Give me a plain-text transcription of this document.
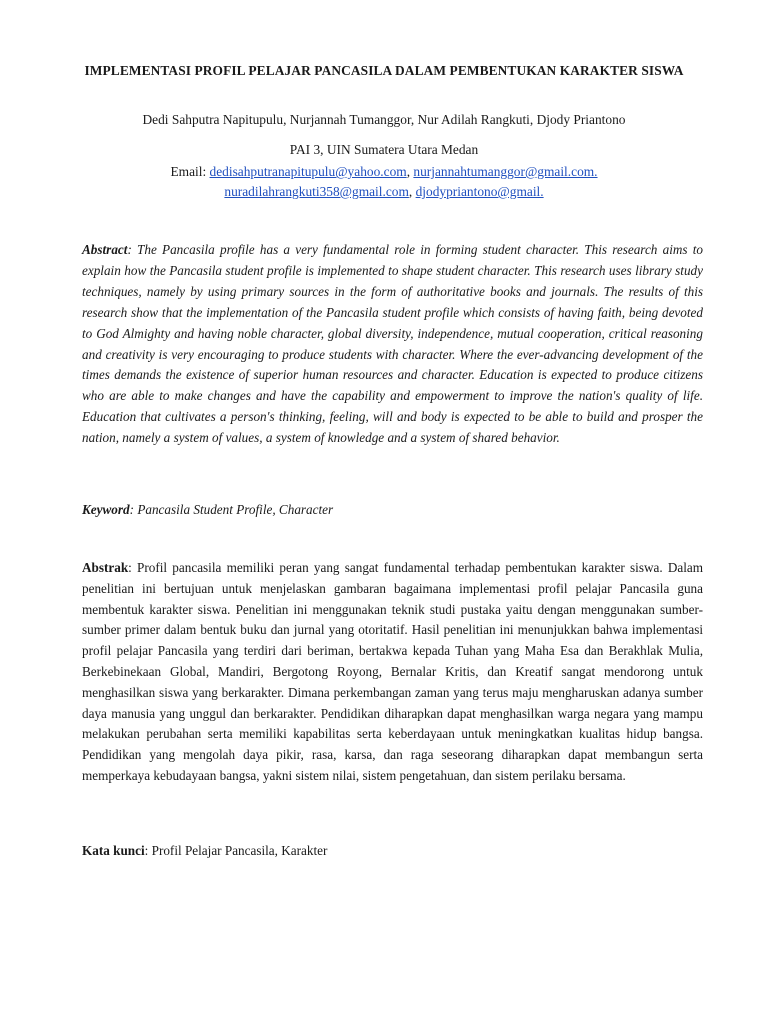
IMPLEMENTASI PROFIL PELAJAR PANCASILA DALAM PEMBENTUKAN KARAKTER SISWA
Dedi Sahputra Napitupulu, Nurjannah Tumanggor, Nur Adilah Rangkuti, Djody Priantono
PAI 3, UIN Sumatera Utara Medan
Email: dedisahputranapitupulu@yahoo.com, nurjannahtumanggor@gmail.com.
nuradilahrangkuti358@gmail.com, djodypriantono@gmail.

Abstract: The Pancasila profile has a very fundamental role in forming student character. This research aims to explain how the Pancasila student profile is implemented to shape student character. This research uses library study techniques, namely by using primary sources in the form of authoritative books and journals. The results of this research show that the implementation of the Pancasila student profile which consists of having faith, being devoted to God Almighty and having noble character, global diversity, independence, mutual cooperation, critical reasoning and creativity is very encouraging to produce students with character. Where the ever-advancing development of the times demands the existence of superior human resources and character. Education is expected to produce citizens who are able to make changes and have the capability and empowerment to improve the nation's quality of life. Education that cultivates a person's thinking, feeling, will and body is expected to be able to build and prosper the nation, namely a system of values, a system of knowledge and a system of shared behavior.

Keyword: Pancasila Student Profile, Character

Abstrak: Profil pancasila memiliki peran yang sangat fundamental terhadap pembentukan karakter siswa. Dalam penelitian ini bertujuan untuk menjelaskan gambaran bagaimana implementasi profil pelajar Pancasila guna membentuk karakter siswa. Penelitian ini menggunakan teknik studi pustaka yaitu dengan menggunakan sumber-sumber primer dalam bentuk buku dan jurnal yang otoritatif. Hasil penelitian ini menunjukkan bahwa implementasi profil pelajar Pancasila yang terdiri dari beriman, bertakwa kepada Tuhan yang Maha Esa dan Berakhlak Mulia, Berkebinekaan Global, Mandiri, Bergotong Royong, Bernalar Kritis, dan Kreatif sangat mendorong untuk menghasilkan siswa yang berkarakter. Dimana perkembangan zaman yang terus maju mengharuskan adanya sumber daya manusia yang unggul dan berkarakter. Pendidikan diharapkan dapat menghasilkan warga negara yang mampu melakukan perubahan serta memiliki kapabilitas serta keberdayaan untuk meningkatkan kualitas hidup bangsa. Pendidikan yang mengolah daya pikir, rasa, karsa, dan raga seseorang diharapkan dapat membangun serta memperkaya kebudayaan bangsa, yakni sistem nilai, sistem pengetahuan, dan sistem perilaku bersama.

Kata kunci: Profil Pelajar Pancasila, Karakter
